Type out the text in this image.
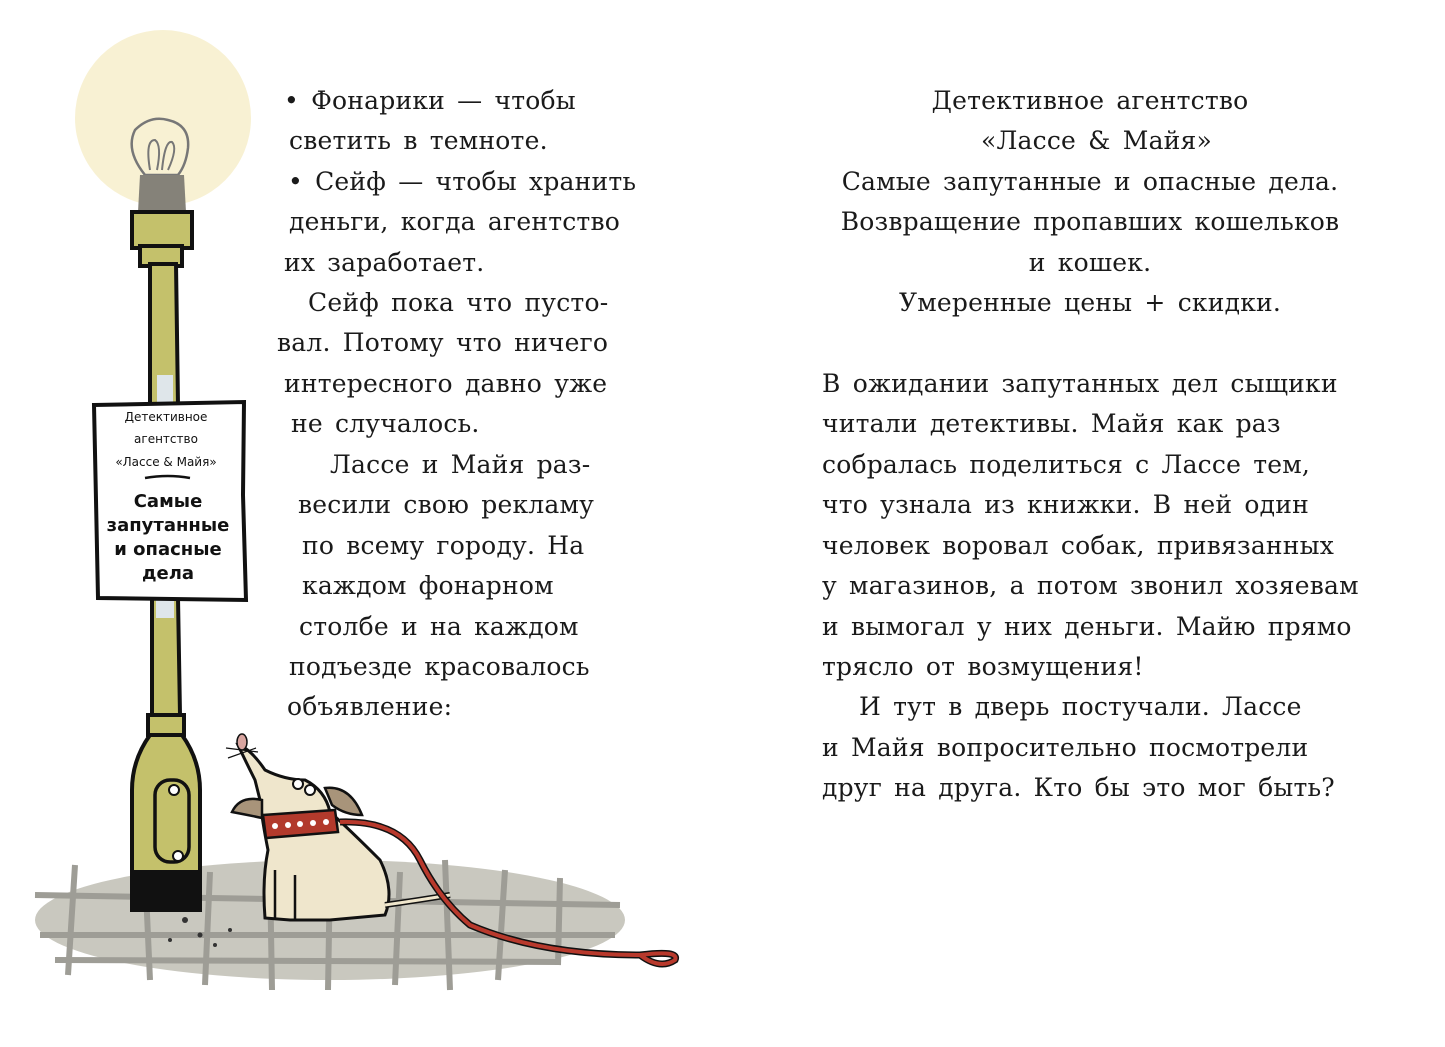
Детективное
агентство
«Лассе & Майя»
Самые
запутанные
и опасные
дела
• Фонарики — чтобы
светить в темноте.
• Сейф — чтобы хранить
деньги, когда агентство
их заработает.
Сейф пока что пусто-
вал. Потому что ничего
интересного давно уже
не случалось.
Лассе и Майя раз-
весили свою рекламу
по всему городу. На
каждом фонарном
столбе и на каждом
подъезде красовалось
объявление:
Детективное агентство
«Лассе & Майя»
Самые запутанные и опасные дела.
Возвращение пропавших кошельков
и кошек.
Умеренные цены + скидки.
В ожидании запутанных дел сыщики
читали детективы. Майя как раз
собралась поделиться с Лассе тем,
что узнала из книжки. В ней один
человек воровал собак, привязанных
у магазинов, а потом звонил хозяевам
и вымогал у них деньги. Майю прямо
трясло от возмущения!
И тут в дверь постучали. Лассе
и Майя вопросительно посмотрели
друг на друга. Кто бы это мог быть?
